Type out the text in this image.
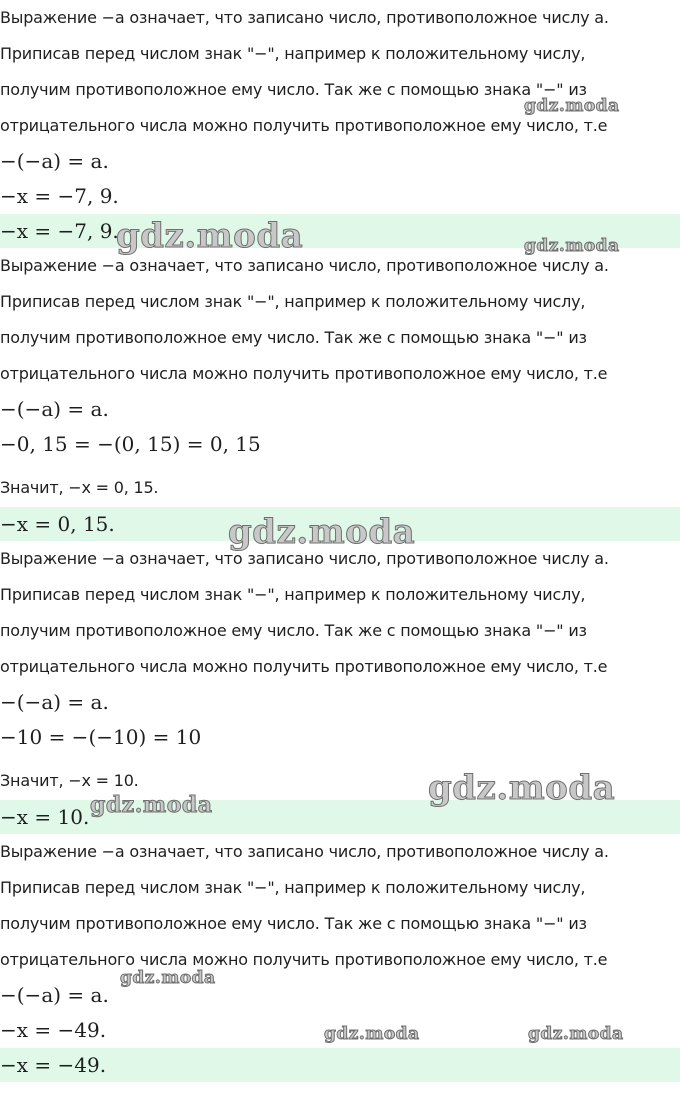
Выражение −a означает, что записано число, противоположное числу a.
Приписав перед числом знак "−", например к положительному числу,
получим противоположное ему число. Так же с помощью знака "−" из
отрицательного числа можно получить противоположное ему число, т.е
−(−a) = a.
−x = −7, 9.
−x = −7, 9.
Выражение −a означает, что записано число, противоположное числу a.
Приписав перед числом знак "−", например к положительному числу,
получим противоположное ему число. Так же с помощью знака "−" из
отрицательного числа можно получить противоположное ему число, т.е
−(−a) = a.
−0, 15 = −(0, 15) = 0, 15
Значит, −x = 0, 15.
−x = 0, 15.
Выражение −a означает, что записано число, противоположное числу a.
Приписав перед числом знак "−", например к положительному числу,
получим противоположное ему число. Так же с помощью знака "−" из
отрицательного числа можно получить противоположное ему число, т.е
−(−a) = a.
−10 = −(−10) = 10
Значит, −x = 10.
−x = 10.
Выражение −a означает, что записано число, противоположное числу a.
Приписав перед числом знак "−", например к положительному числу,
получим противоположное ему число. Так же с помощью знака "−" из
отрицательного числа можно получить противоположное ему число, т.е
−(−a) = a.
−x = −49.
−x = −49.
gdz.moda
gdz.moda	gdz.moda
gdz.moda
gdz.moda
gdz.moda
gdz.moda
gdz.moda	gdz.moda
